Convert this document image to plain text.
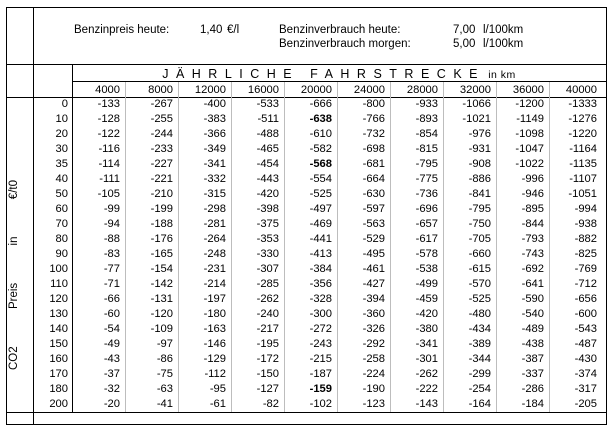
Benzinpreis heute:	1,40 €/l	Benzinverbrauch heute:	7,00 l/100km
Benzinverbrauch morgen:	5,00 l/100km
JÄHRLICHE FAHRSTRECKE in km
CO2
Preis
in
€/t0
4000	8000	12000	16000	20000	24000	28000	32000	36000	40000
0	-133	-267	-400	-533	-666	-800	-933	-1066	-1200	-1333
10	-128	-255	-383	-511	-638	-766	-893	-1021	-1149	-1276
20	-122	-244	-366	-488	-610	-732	-854	-976	-1098	-1220
30	-116	-233	-349	-465	-582	-698	-815	-931	-1047	-1164
35	-114	-227	-341	-454	-568	-681	-795	-908	-1022	-1135
40	-111	-221	-332	-443	-554	-664	-775	-886	-996	-1107
50	-105	-210	-315	-420	-525	-630	-736	-841	-946	-1051
60	-99	-199	-298	-398	-497	-597	-696	-795	-895	-994
70	-94	-188	-281	-375	-469	-563	-657	-750	-844	-938
80	-88	-176	-264	-353	-441	-529	-617	-705	-793	-882
90	-83	-165	-248	-330	-413	-495	-578	-660	-743	-825
100	-77	-154	-231	-307	-384	-461	-538	-615	-692	-769
110	-71	-142	-214	-285	-356	-427	-499	-570	-641	-712
120	-66	-131	-197	-262	-328	-394	-459	-525	-590	-656
130	-60	-120	-180	-240	-300	-360	-420	-480	-540	-600
140	-54	-109	-163	-217	-272	-326	-380	-434	-489	-543
150	-49	-97	-146	-195	-243	-292	-341	-389	-438	-487
160	-43	-86	-129	-172	-215	-258	-301	-344	-387	-430
170	-37	-75	-112	-150	-187	-224	-262	-299	-337	-374
180	-32	-63	-95	-127	-159	-190	-222	-254	-286	-317
200	-20	-41	-61	-82	-102	-123	-143	-164	-184	-205
